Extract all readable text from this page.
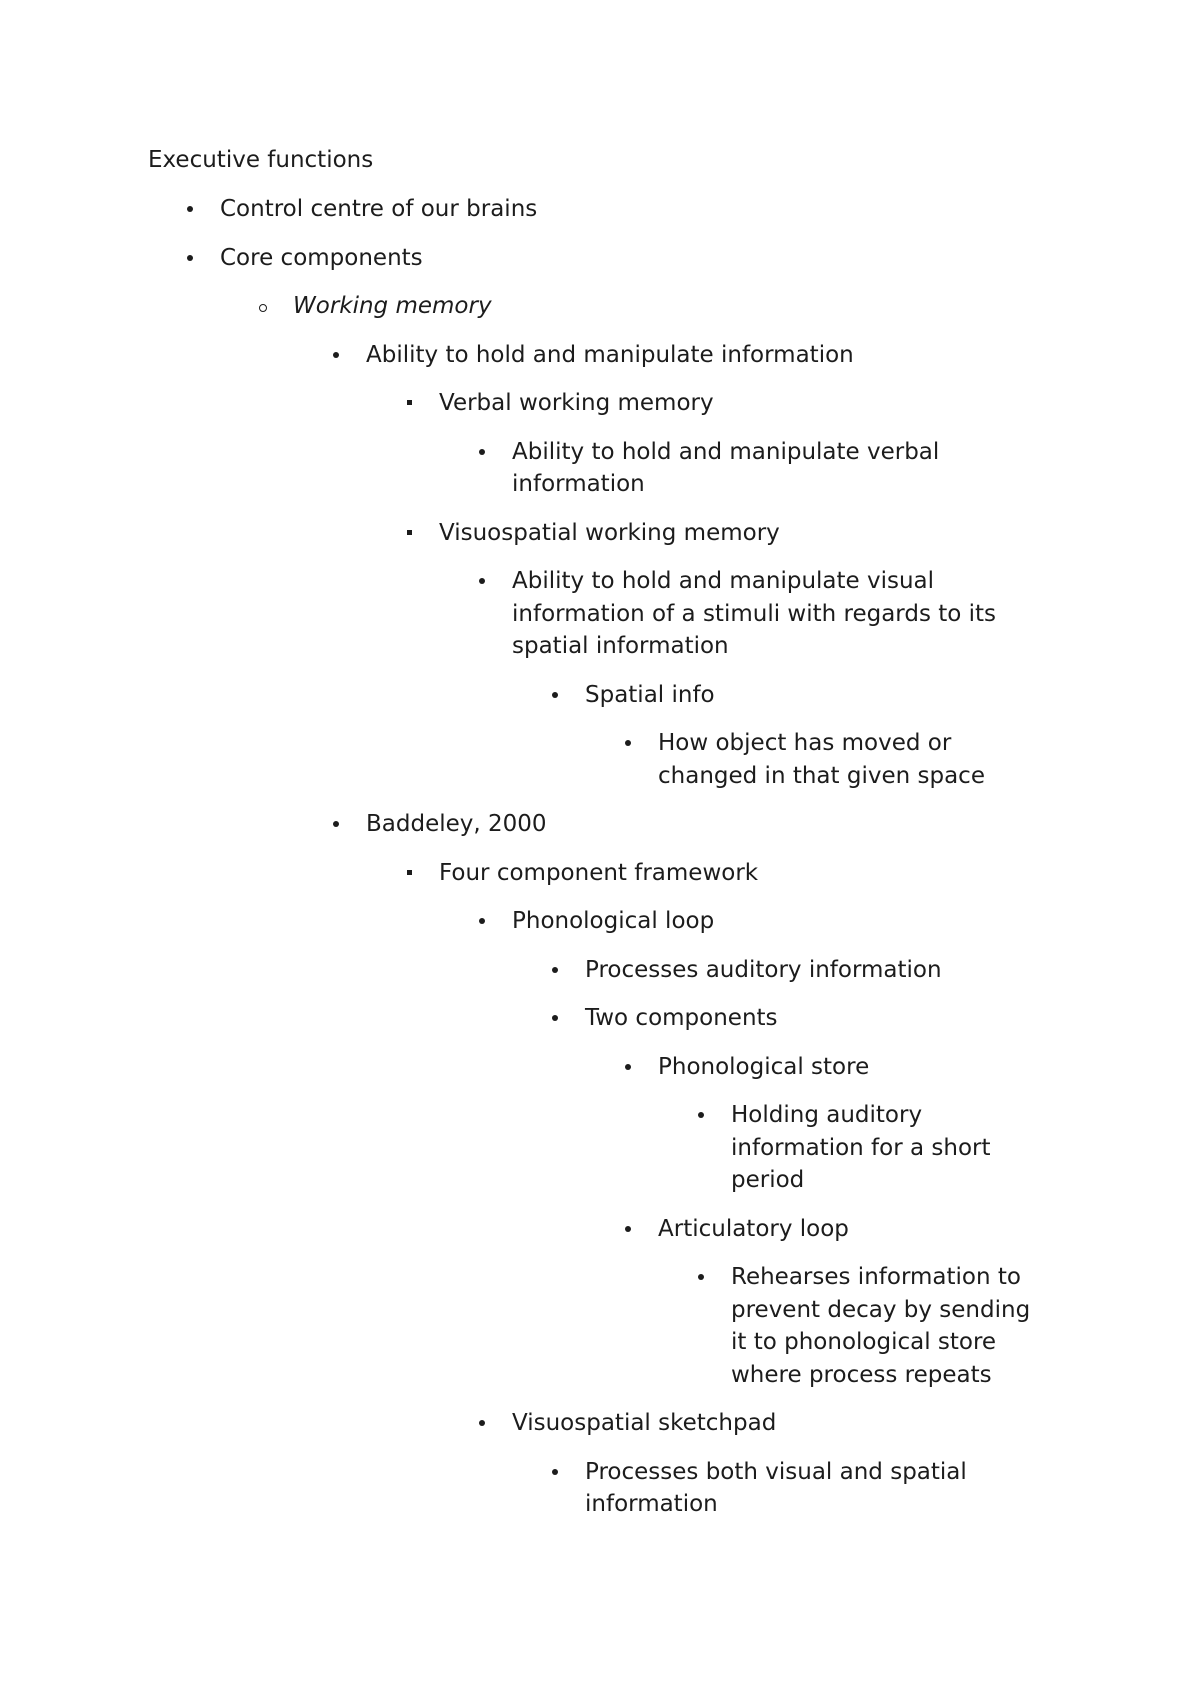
Executive functions
Control centre of our brains
Core components
Working memory
Ability to hold and manipulate information
Verbal working memory
Ability to hold and manipulate verbal
information
Visuospatial working memory
Ability to hold and manipulate visual
information of a stimuli with regards to its
spatial information
Spatial info
How object has moved or
changed in that given space
Baddeley, 2000
Four component framework
Phonological loop
Processes auditory information
Two components
Phonological store
Holding auditory
information for a short
period
Articulatory loop
Rehearses information to
prevent decay by sending
it to phonological store
where process repeats
Visuospatial sketchpad
Processes both visual and spatial
information
